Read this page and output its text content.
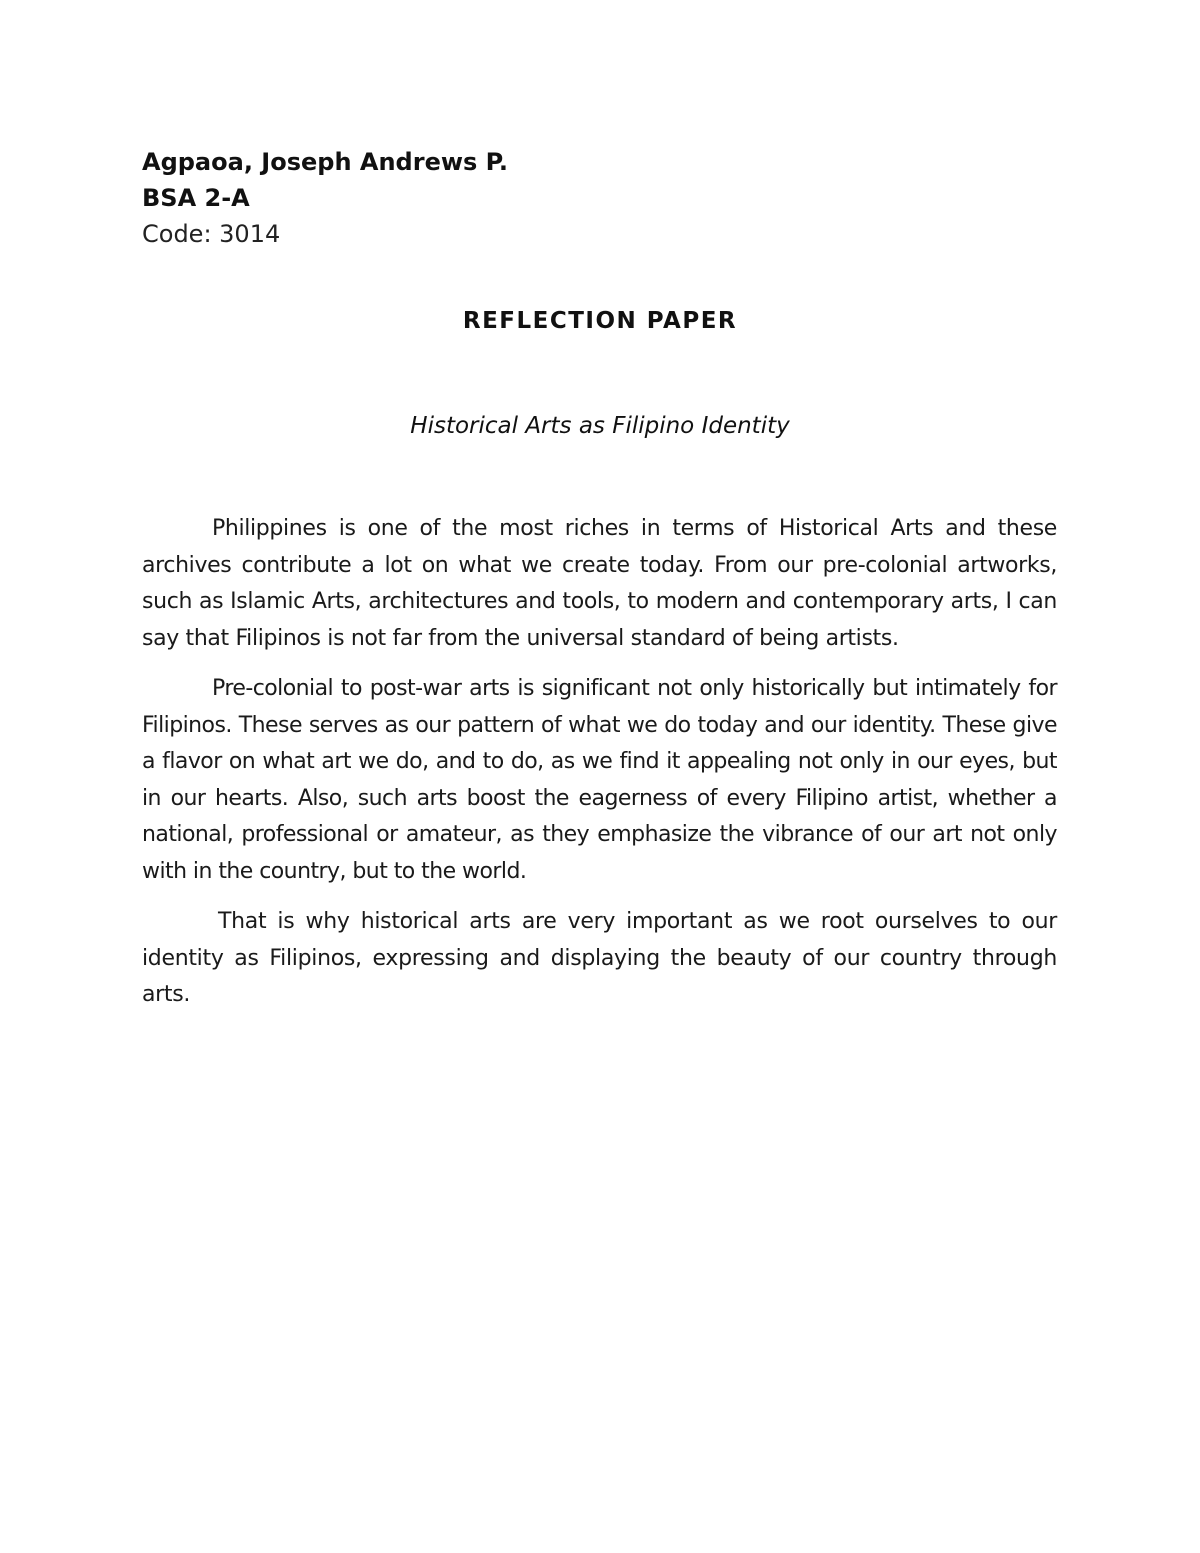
Agpaoa, Joseph Andrews P.
BSA 2-A
Code: 3014
REFLECTION PAPER
Historical Arts as Filipino Identity

Philippines is one of the most riches in terms of Historical Arts and these archives contribute a lot on what we create today. From our pre-colonial artworks, such as Islamic Arts, architectures and tools, to modern and contemporary arts, I can say that Filipinos is not far from the universal standard of being artists.

Pre-colonial to post-war arts is significant not only historically but intimately for Filipinos. These serves as our pattern of what we do today and our identity. These give a flavor on what art we do, and to do, as we find it appealing not only in our eyes, but in our hearts. Also, such arts boost the eagerness of every Filipino artist, whether a national, professional or amateur, as they emphasize the vibrance of our art not only with in the country, but to the world.

That is why historical arts are very important as we root ourselves to our identity as Filipinos, expressing and displaying the beauty of our country through arts.
